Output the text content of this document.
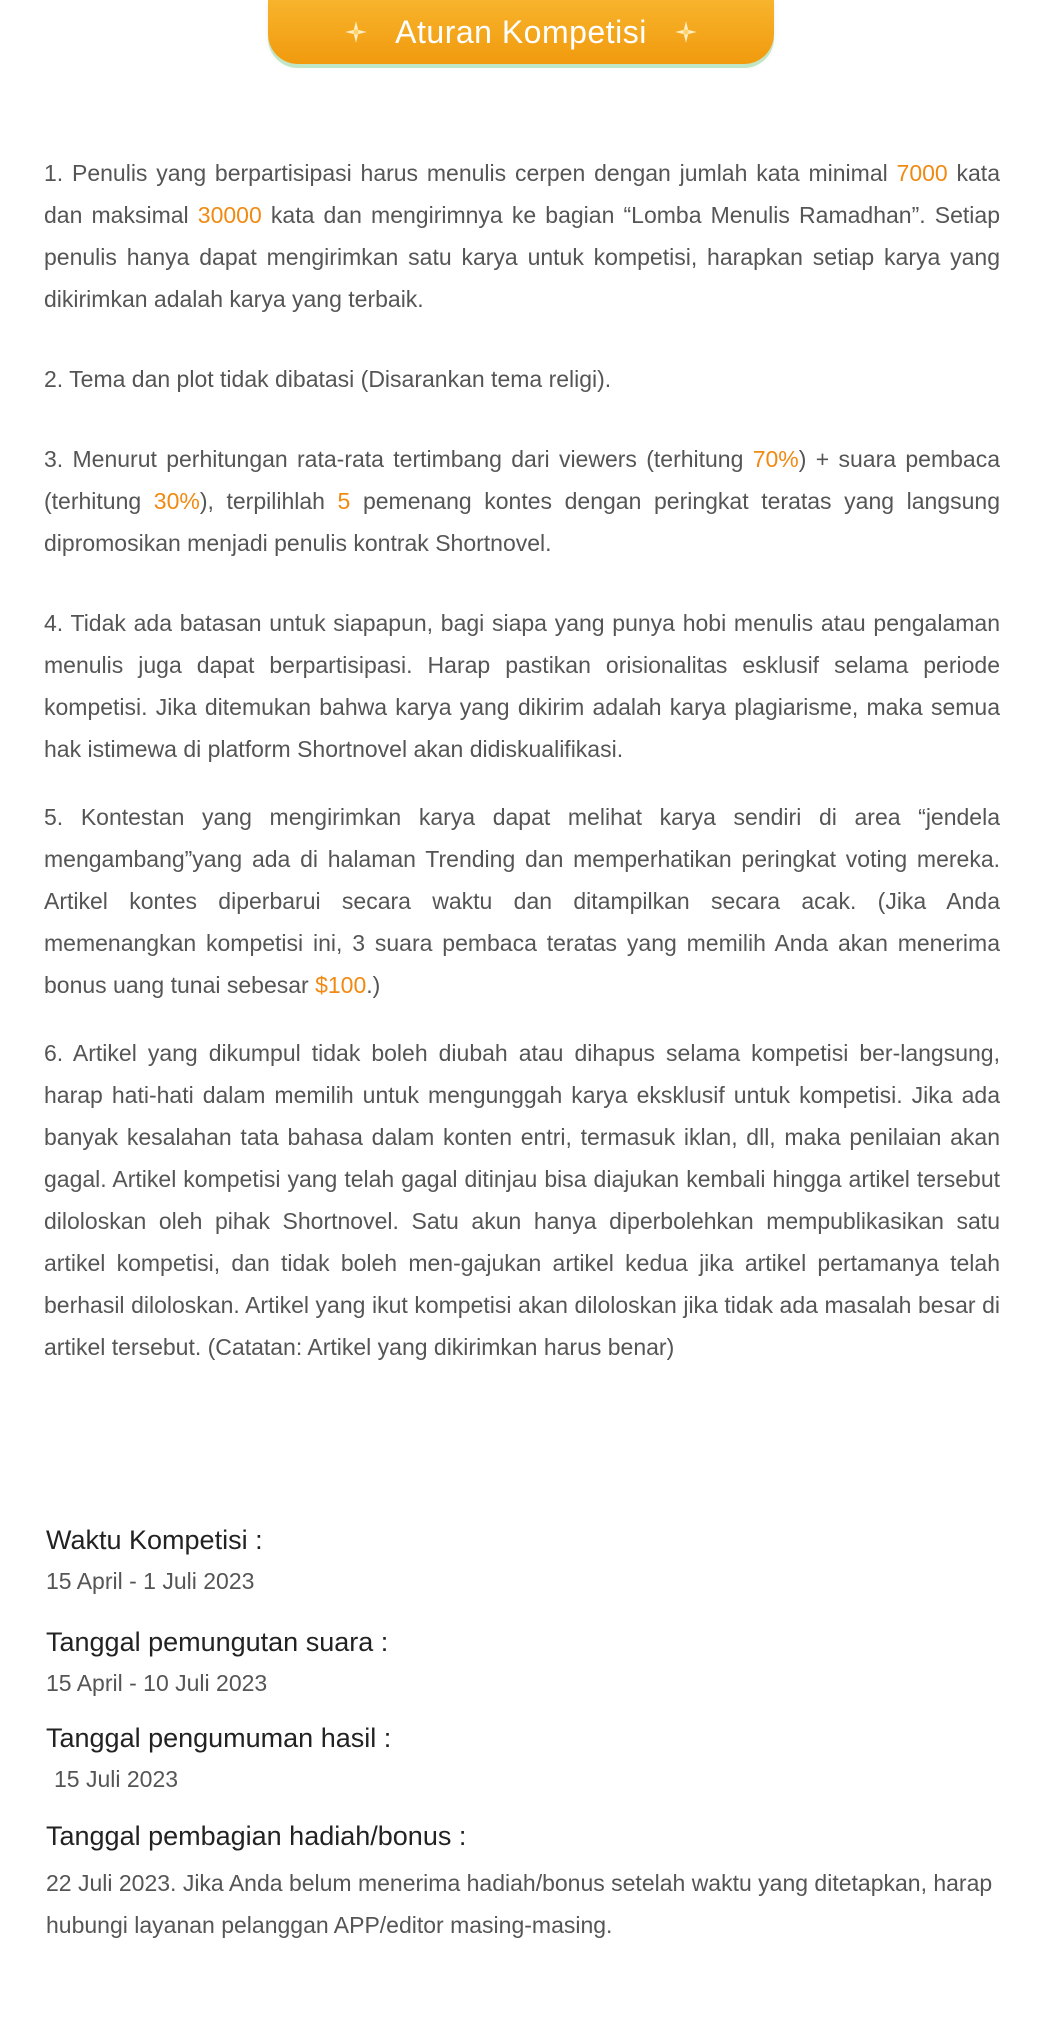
Aturan Kompetisi

1. Penulis yang berpartisipasi harus menulis cerpen dengan jumlah kata minimal 7000 kata dan maksimal 30000 kata dan mengirimnya ke bagian “Lomba Menulis Ramadhan”. Setiap penulis hanya dapat mengirimkan satu karya untuk kompetisi, harapkan setiap karya yang dikirimkan adalah karya yang terbaik.

2. Tema dan plot tidak dibatasi (Disarankan tema religi).

3. Menurut perhitungan rata-rata tertimbang dari viewers (terhitung 70%) + suara pembaca (terhitung 30%), terpilihlah 5 pemenang kontes dengan peringkat teratas yang langsung dipromosikan menjadi penulis kontrak Shortnovel.

4. Tidak ada batasan untuk siapapun, bagi siapa yang punya hobi menulis atau pengalaman menulis juga dapat berpartisipasi. Harap pastikan orisionalitas esklusif selama periode kompetisi. Jika ditemukan bahwa karya yang dikirim adalah karya plagiarisme, maka semua hak istimewa di platform Shortnovel akan didiskualifikasi.

5. Kontestan yang mengirimkan karya dapat melihat karya sendiri di area “jendela mengambang”yang ada di halaman Trending dan memperhatikan peringkat voting mereka. Artikel kontes diperbarui secara waktu dan ditampilkan secara acak. (Jika Anda memenangkan kompetisi ini, 3 suara pembaca teratas yang memilih Anda akan menerima bonus uang tunai sebesar $100.)

6. Artikel yang dikumpul tidak boleh diubah atau dihapus selama kompetisi ber-langsung, harap hati-hati dalam memilih untuk mengunggah karya eksklusif untuk kompetisi. Jika ada banyak kesalahan tata bahasa dalam konten entri, termasuk iklan, dll, maka penilaian akan gagal. Artikel kompetisi yang telah gagal ditinjau bisa diajukan kembali hingga artikel tersebut diloloskan oleh pihak Shortnovel. Satu akun hanya diperbolehkan mempublikasikan satu artikel kompetisi, dan tidak boleh men-gajukan artikel kedua jika artikel pertamanya telah berhasil diloloskan. Artikel yang ikut kompetisi akan diloloskan jika tidak ada masalah besar di artikel tersebut. (Catatan: Artikel yang dikirimkan harus benar)

Waktu Kompetisi :

15 April - 1 Juli 2023

Tanggal pemungutan suara :

15 April - 10 Juli 2023

Tanggal pengumuman hasil :

15 Juli 2023

Tanggal pembagian hadiah/bonus :

22 Juli 2023. Jika Anda belum menerima hadiah/bonus setelah waktu yang ditetapkan, harap hubungi layanan pelanggan APP/editor masing-masing.
